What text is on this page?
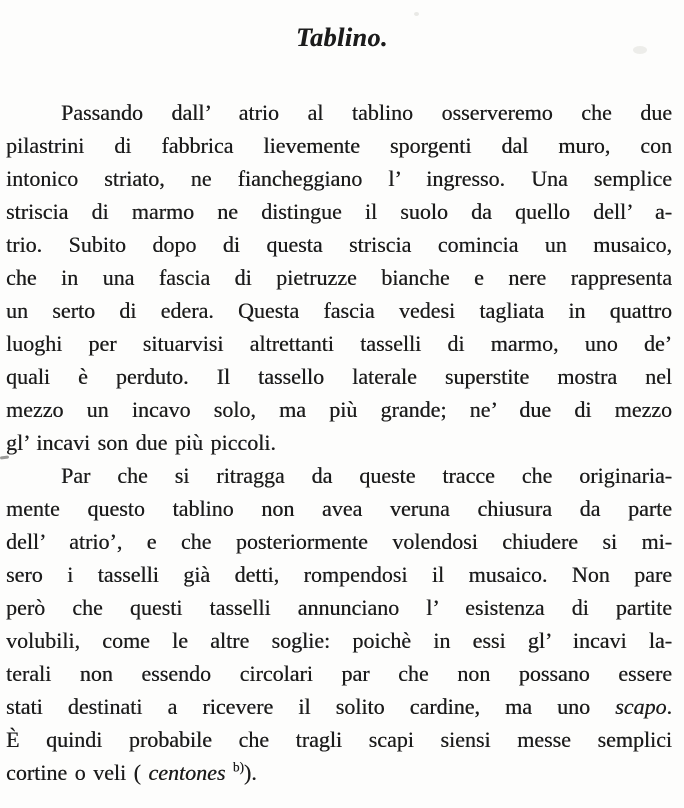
Tablino.
Passando dall’ atrio al tablino osserveremo che due
pilastrini di fabbrica lievemente sporgenti dal muro, con
intonico striato, ne fiancheggiano l’ ingresso. Una semplice
striscia di marmo ne distingue il suolo da quello dell’ a-
trio. Subito dopo di questa striscia comincia un musaico,
che in una fascia di pietruzze bianche e nere rappresenta
un serto di edera. Questa fascia vedesi tagliata in quattro
luoghi per situarvisi altrettanti tasselli di marmo, uno de’
quali è perduto. Il tassello laterale superstite mostra nel
mezzo un incavo solo, ma più grande; ne’ due di mezzo
gl’ incavi son due più piccoli.
Par che si ritragga da queste tracce che originaria-
mente questo tablino non avea veruna chiusura da parte
dell’ atrio’, e che posteriormente volendosi chiudere si mi-
sero i tasselli già detti, rompendosi il musaico. Non pare
però che questi tasselli annunciano l’ esistenza di partite
volubili, come le altre soglie: poichè in essi gl’ incavi la-
terali non essendo circolari par che non possano essere
stati destinati a ricevere il solito cardine, ma uno scapo.
È quindi probabile che tragli scapi siensi messe semplici
cortine o veli ( centones $^{b)}$).
